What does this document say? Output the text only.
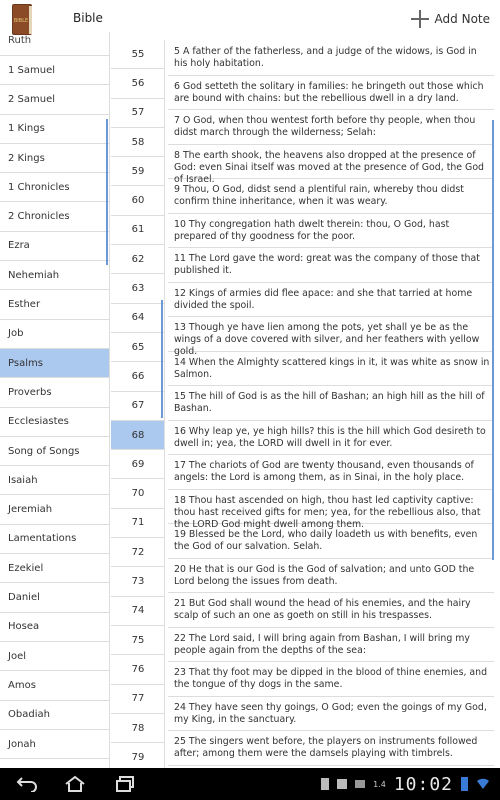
BIBLE	Bible	Add Note
Ruth
1 Samuel
2 Samuel
1 Kings
2 Kings
1 Chronicles
2 Chronicles
Ezra
Nehemiah
Esther
Job
Psalms
Proverbs
Ecclesiastes
Song of Songs
Isaiah
Jeremiah
Lamentations
Ezekiel
Daniel
Hosea
Joel
Amos
Obadiah
Jonah
55
56
57
58
59
60
61
62
63
64
65
66
67
68
69
70
71
72
73
74
75
76
77
78
79
5 A father of the fatherless, and a judge of the widows, is God in his holy habitation.
6 God setteth the solitary in families: he bringeth out those which are bound with chains: but the rebellious dwell in a dry land.
7 O God, when thou wentest forth before thy people, when thou didst march through the wilderness; Selah:
8 The earth shook, the heavens also dropped at the presence of God: even Sinai itself was moved at the presence of God, the God of Israel.
9 Thou, O God, didst send a plentiful rain, whereby thou didst confirm thine inheritance, when it was weary.
10 Thy congregation hath dwelt therein: thou, O God, hast prepared of thy goodness for the poor.
11 The Lord gave the word: great was the company of those that published it.
12 Kings of armies did flee apace: and she that tarried at home divided the spoil.
13 Though ye have lien among the pots, yet shall ye be as the wings of a dove covered with silver, and her feathers with yellow gold.
14 When the Almighty scattered kings in it, it was white as snow in Salmon.
15 The hill of God is as the hill of Bashan; an high hill as the hill of Bashan.
16 Why leap ye, ye high hills? this is the hill which God desireth to dwell in; yea, the LORD will dwell in it for ever.
17 The chariots of God are twenty thousand, even thousands of angels: the Lord is among them, as in Sinai, in the holy place.
18 Thou hast ascended on high, thou hast led captivity captive: thou hast received gifts for men; yea, for the rebellious also, that the LORD God might dwell among them.
19 Blessed be the Lord, who daily loadeth us with benefits, even the God of our salvation. Selah.
20 He that is our God is the God of salvation; and unto GOD the Lord belong the issues from death.
21 But God shall wound the head of his enemies, and the hairy scalp of such an one as goeth on still in his trespasses.
22 The Lord said, I will bring again from Bashan, I will bring my people again from the depths of the sea:
23 That thy foot may be dipped in the blood of thine enemies, and the tongue of thy dogs in the same.
24 They have seen thy goings, O God; even the goings of my God, my King, in the sanctuary.
25 The singers went before, the players on instruments followed after; among them were the damsels playing with timbrels.
1.4 10:02
